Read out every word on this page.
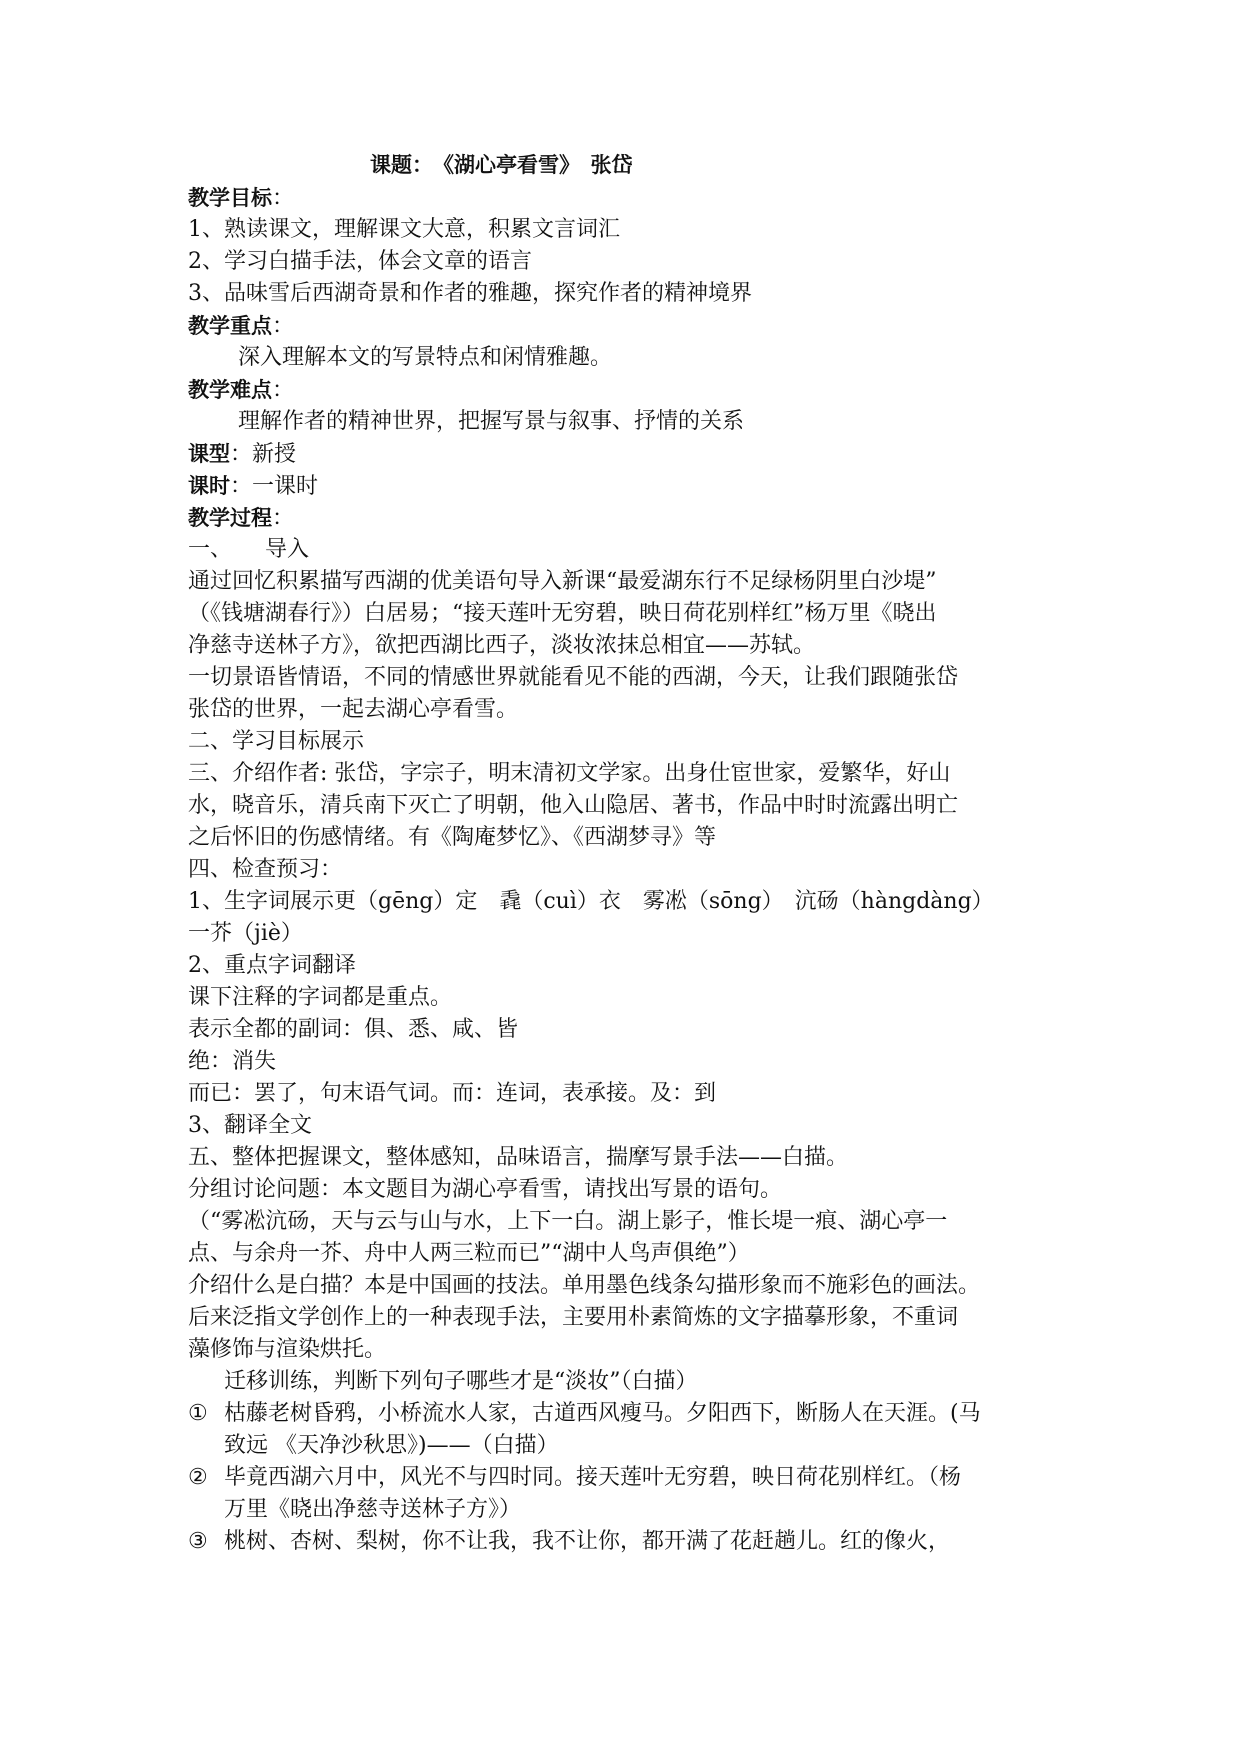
课题：　《湖心亭看雪》　张岱
教学目标：
1、熟读课文，理解课文大意，积累文言词汇
2、学习白描手法，体会文章的语言
3、品味雪后西湖奇景和作者的雅趣，探究作者的精神境界
教学重点：
深入理解本文的写景特点和闲情雅趣。
教学难点：
理解作者的精神世界，把握写景与叙事、抒情的关系
课型：新授
课时：一课时
教学过程：
一、　　导入
通过回忆积累描写西湖的优美语句导入新课“最爱湖东行不足绿杨阴里白沙堤”
（《钱塘湖春行》）白居易；“接天莲叶无穷碧，映日荷花别样红”杨万里《晓出
净慈寺送林子方》，欲把西湖比西子，淡妆浓抹总相宜——苏轼。
一切景语皆情语，不同的情感世界就能看见不能的西湖，今天，让我们跟随张岱
张岱的世界，一起去湖心亭看雪。
二、学习目标展示
三、介绍作者: 张岱，字宗子，明末清初文学家。出身仕宦世家，爱繁华，好山
水，晓音乐，清兵南下灭亡了明朝，他入山隐居、著书，作品中时时流露出明亡
之后怀旧的伤感情绪。有《陶庵梦忆》、《西湖梦寻》等
四、检查预习：
1、生字词展示更（gēng）定　毳（cuì）衣　雾凇（sōng）　沆砀（hàngdàng）
一芥（jiè）
2、重点字词翻译
课下注释的字词都是重点。
表示全都的副词：俱、悉、咸、皆
绝：消失
而已：罢了，句末语气词。而：连词，表承接。及：到
3、翻译全文
五、整体把握课文，整体感知，品味语言，揣摩写景手法——白描。
分组讨论问题：本文题目为湖心亭看雪，请找出写景的语句。
（“雾凇沆砀，天与云与山与水，上下一白。湖上影子，惟长堤一痕、湖心亭一
点、与余舟一芥、舟中人两三粒而已”“湖中人鸟声俱绝”）
介绍什么是白描？本是中国画的技法。单用墨色线条勾描形象而不施彩色的画法。
后来泛指文学创作上的一种表现手法，主要用朴素简炼的文字描摹形象，不重词
藻修饰与渲染烘托。
迁移训练，判断下列句子哪些才是“淡妆”（白描）
① 枯藤老树昏鸦，小桥流水人家，古道西风瘦马。夕阳西下，断肠人在天涯。(马
致远 《天净沙秋思》)——（白描）
② 毕竟西湖六月中，风光不与四时同。接天莲叶无穷碧，映日荷花别样红。（杨
万里《晓出净慈寺送林子方》）
③ 桃树、杏树、梨树，你不让我，我不让你，都开满了花赶趟儿。红的像火，
